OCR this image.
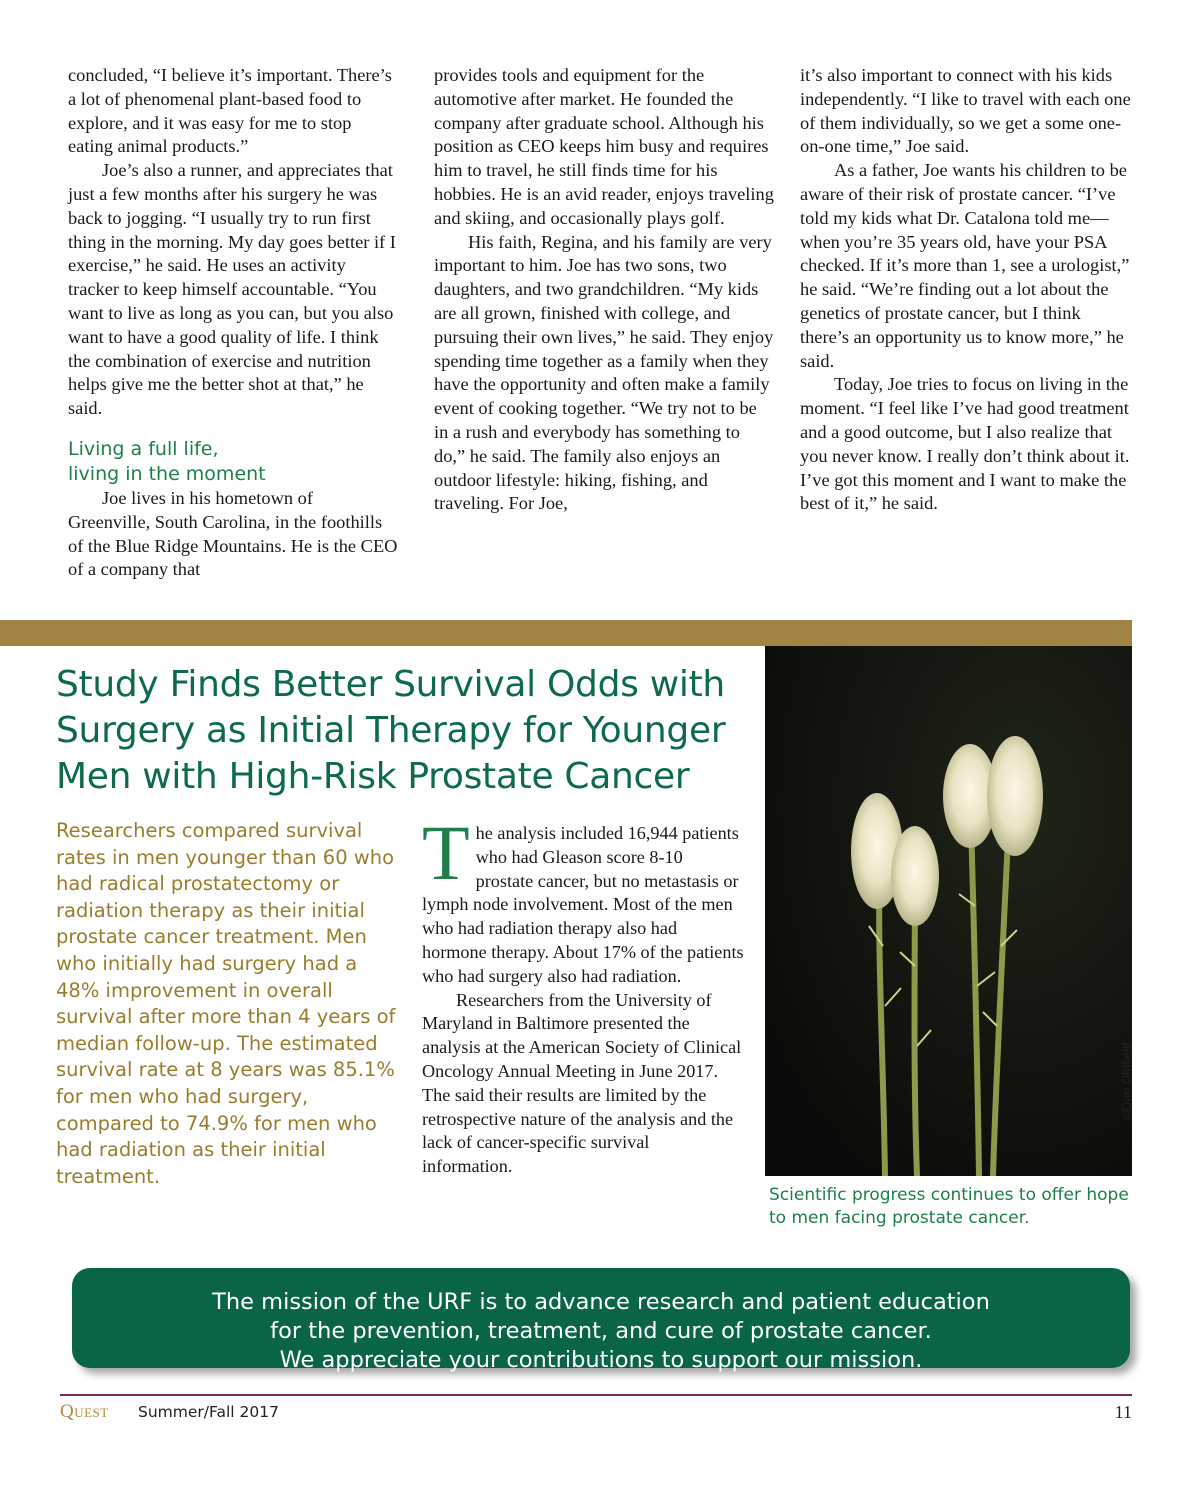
concluded, “I believe it’s important. There’s a lot of phenomenal plant-based food to explore, and it was easy for me to stop eating animal products.”

Joe’s also a runner, and appreciates that just a few months after his surgery he was back to jogging. “I usually try to run first thing in the morning. My day goes better if I exercise,” he said. He uses an activity tracker to keep himself accountable. “You want to live as long as you can, but you also want to have a good quality of life. I think the combination of exercise and nutrition helps give me the better shot at that,” he said.

Living a full life,
living in the moment

Joe lives in his hometown of Greenville, South Carolina, in the foothills of the Blue Ridge Mountains. He is the CEO of a company that

provides tools and equipment for the automotive after market. He founded the company after graduate school. Although his position as CEO keeps him busy and requires him to travel, he still finds time for his hobbies. He is an avid reader, enjoys traveling and skiing, and occasionally plays golf.

His faith, Regina, and his family are very important to him. Joe has two sons, two daughters, and two grandchildren. “My kids are all grown, finished with college, and pursuing their own lives,” he said. They enjoy spending time together as a family when they have the opportunity and often make a family event of cooking together. “We try not to be in a rush and everybody has something to do,” he said. The family also enjoys an outdoor lifestyle: hiking, fishing, and traveling. For Joe,

it’s also important to connect with his kids independently. “I like to travel with each one of them individually, so we get a some one-on-one time,” Joe said.

As a father, Joe wants his children to be aware of their risk of prostate cancer. “I’ve told my kids what Dr. Catalona told me—when you’re 35 years old, have your PSA checked. If it’s more than 1, see a urologist,” he said. “We’re finding out a lot about the genetics of prostate cancer, but I think there’s an opportunity us to know more,” he said.

Today, Joe tries to focus on living in the moment. “I feel like I’ve had good treatment and a good outcome, but I also realize that you never know. I really don’t think about it. I’ve got this moment and I want to make the best of it,” he said.

Study Finds Better Survival Odds with Surgery as Initial Therapy for Younger Men with High-Risk Prostate Cancer

Researchers compared survival rates in men younger than 60 who had radical prostatectomy or radiation therapy as their initial prostate cancer treatment. Men who initially had surgery had a 48% improvement in overall survival after more than 4 years of median follow-up. The estimated survival rate at 8 years was 85.1% for men who had surgery, compared to 74.9% for men who had radiation as their initial treatment.

The analysis included 16,944 patients who had Gleason score 8-10 prostate cancer, but no metastasis or lymph node involvement. Most of the men who had radiation therapy also had hormone therapy. About 17% of the patients who had surgery also had radiation.

Researchers from the University of Maryland in Baltimore presented the analysis at the American Society of Clinical Oncology Annual Meeting in June 2017. The said their results are limited by the retrospective nature of the analysis and the lack of cancer-specific survival information.

©Dan Oldfield

Scientific progress continues to offer hope to men facing prostate cancer.

The mission of the URF is to advance research and patient education
for the prevention, treatment, and cure of prostate cancer.
We appreciate your contributions to support our mission.
Quest Summer/Fall 2017	11
